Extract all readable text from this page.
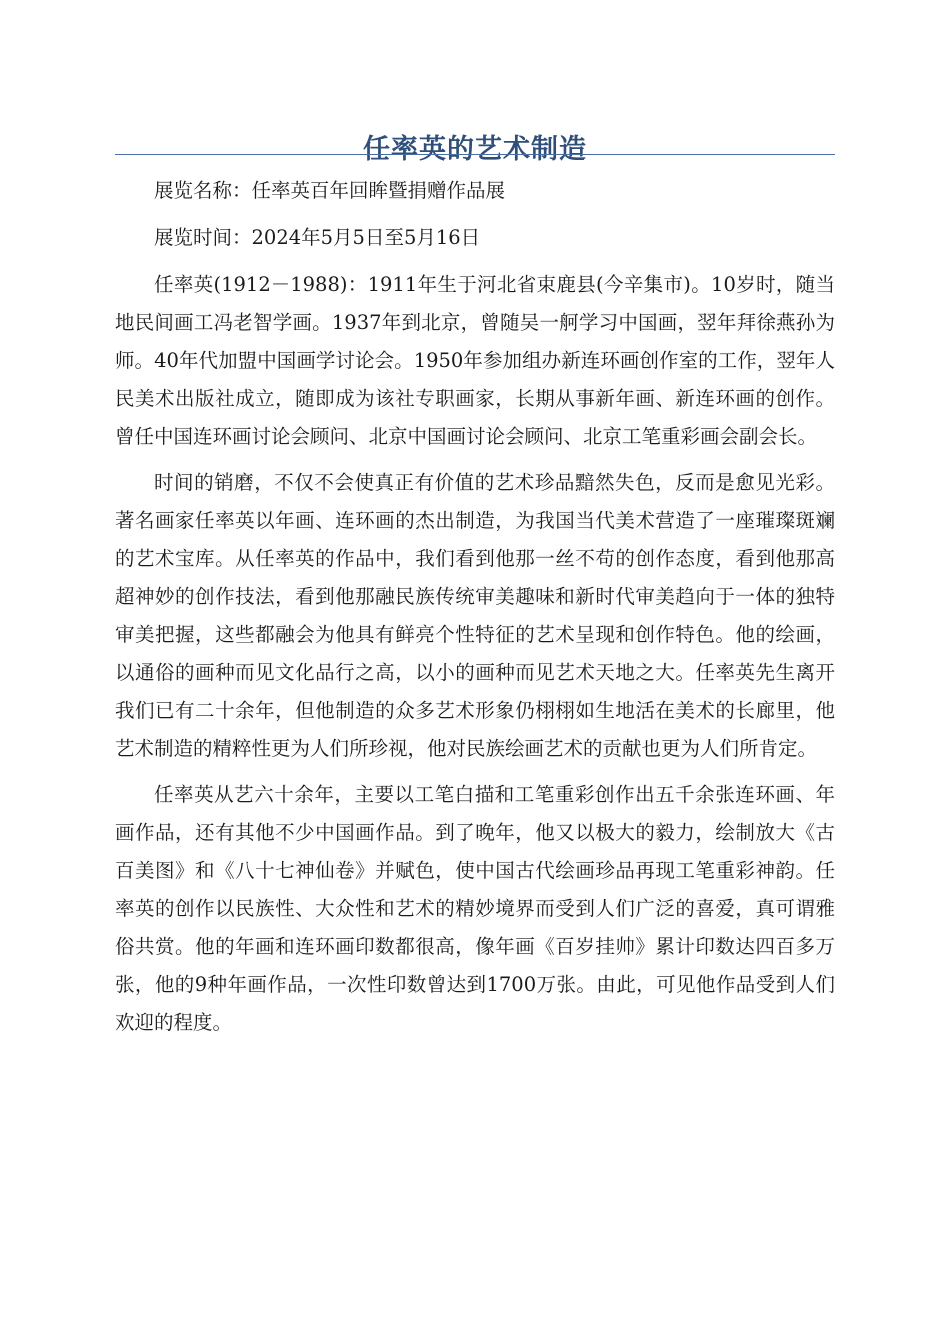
任率英的艺术制造

展览名称：任率英百年回眸暨捐赠作品展

展览时间：2024年5月5日至5月16日

任率英(1912－1988)：1911年生于河北省束鹿县(今辛集市)。10岁时，随当地民间画工冯老智学画。1937年到北京，曾随吴一舸学习中国画，翌年拜徐燕孙为师。40年代加盟中国画学讨论会。1950年参加组办新连环画创作室的工作，翌年人民美术出版社成立，随即成为该社专职画家，长期从事新年画、新连环画的创作。曾任中国连环画讨论会顾问、北京中国画讨论会顾问、北京工笔重彩画会副会长。

时间的销磨，不仅不会使真正有价值的艺术珍品黯然失色，反而是愈见光彩。著名画家任率英以年画、连环画的杰出制造，为我国当代美术营造了一座璀璨斑斓的艺术宝库。从任率英的作品中，我们看到他那一丝不苟的创作态度，看到他那高超神妙的创作技法，看到他那融民族传统审美趣味和新时代审美趋向于一体的独特审美把握，这些都融会为他具有鲜亮个性特征的艺术呈现和创作特色。他的绘画，以通俗的画种而见文化品行之高，以小的画种而见艺术天地之大。任率英先生离开我们已有二十余年，但他制造的众多艺术形象仍栩栩如生地活在美术的长廊里，他艺术制造的精粹性更为人们所珍视，他对民族绘画艺术的贡献也更为人们所肯定。

任率英从艺六十余年，主要以工笔白描和工笔重彩创作出五千余张连环画、年画作品，还有其他不少中国画作品。到了晚年，他又以极大的毅力，绘制放大《古百美图》和《八十七神仙卷》并赋色，使中国古代绘画珍品再现工笔重彩神韵。任率英的创作以民族性、大众性和艺术的精妙境界而受到人们广泛的喜爱，真可谓雅俗共赏。他的年画和连环画印数都很高，像年画《百岁挂帅》累计印数达四百多万张，他的9种年画作品，一次性印数曾达到1700万张。由此，可见他作品受到人们欢迎的程度。
